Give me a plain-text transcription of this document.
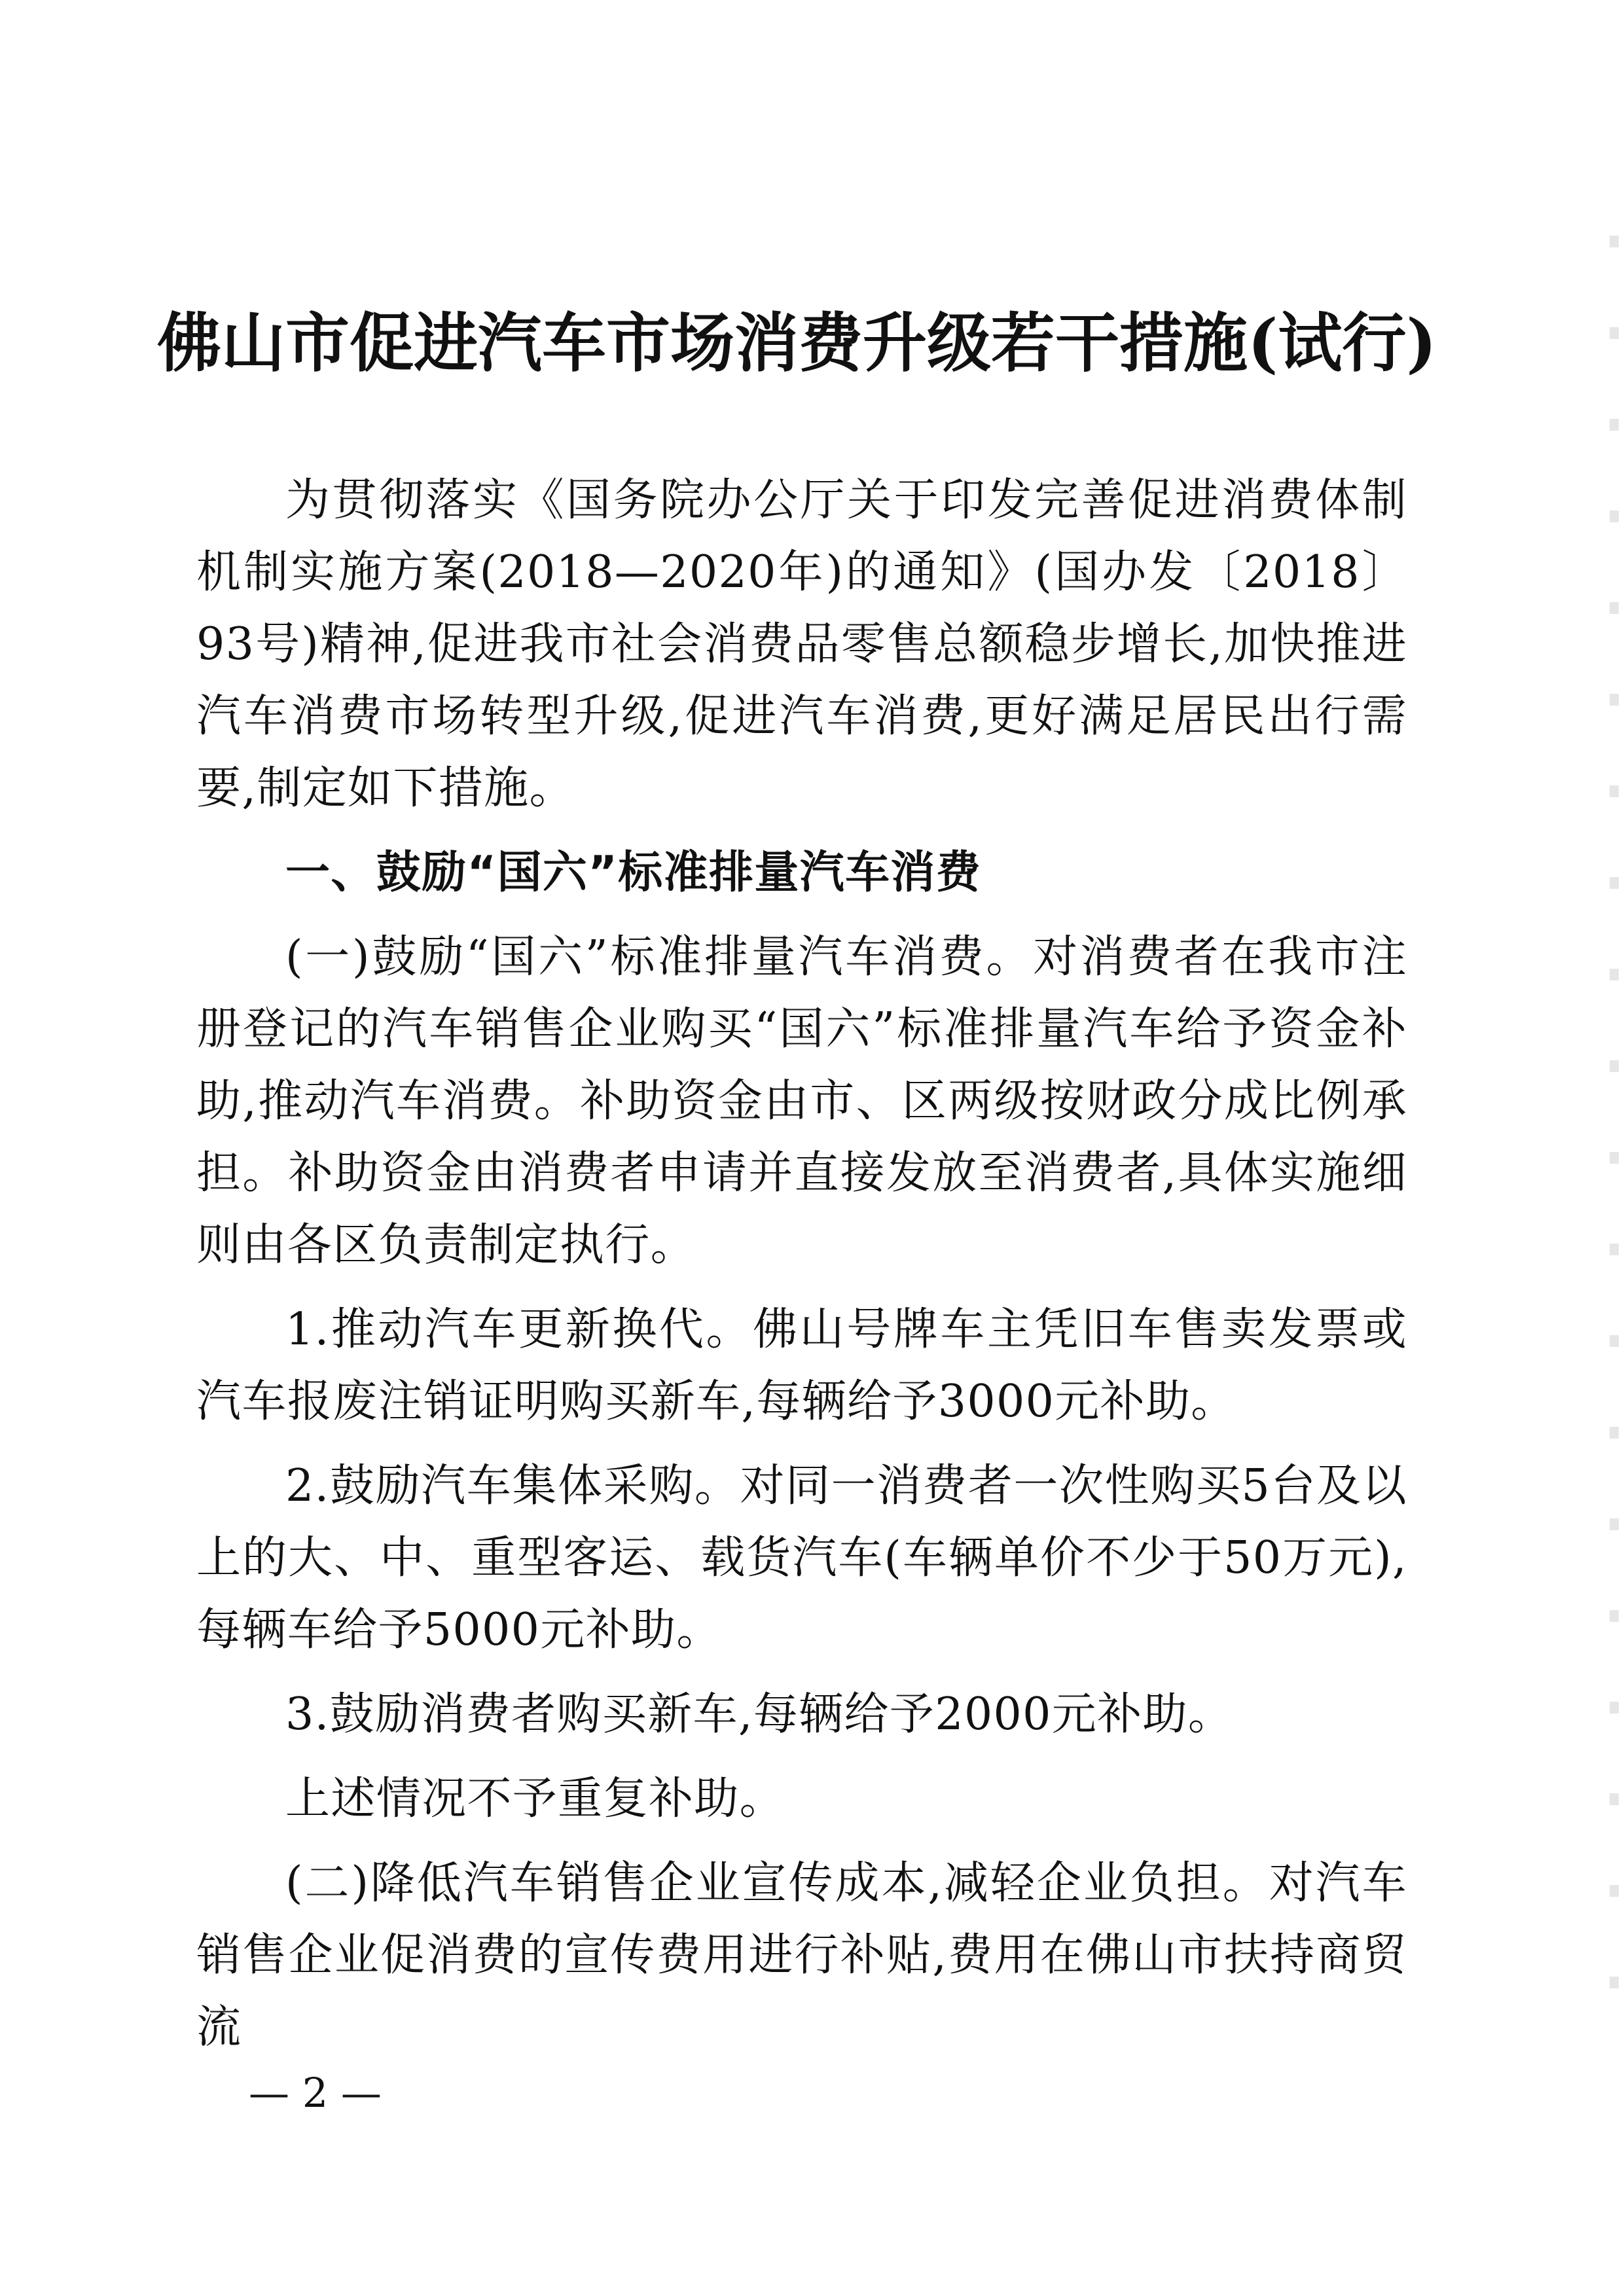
佛山市促进汽车市场消费升级若干措施(试行)

为贯彻落实《国务院办公厅关于印发完善促进消费体制机制实施方案(2018—2020年)的通知》(国办发〔2018〕93号)精神,促进我市社会消费品零售总额稳步增长,加快推进汽车消费市场转型升级,促进汽车消费,更好满足居民出行需要,制定如下措施。

一、鼓励“国六”标准排量汽车消费

(一)鼓励“国六”标准排量汽车消费。对消费者在我市注册登记的汽车销售企业购买“国六”标准排量汽车给予资金补助,推动汽车消费。补助资金由市、区两级按财政分成比例承担。补助资金由消费者申请并直接发放至消费者,具体实施细则由各区负责制定执行。

1.推动汽车更新换代。佛山号牌车主凭旧车售卖发票或汽车报废注销证明购买新车,每辆给予3000元补助。

2.鼓励汽车集体采购。对同一消费者一次性购买5台及以上的大、中、重型客运、载货汽车(车辆单价不少于50万元),每辆车给予5000元补助。

3.鼓励消费者购买新车,每辆给予2000元补助。

上述情况不予重复补助。

(二)降低汽车销售企业宣传成本,减轻企业负担。对汽车销售企业促消费的宣传费用进行补贴,费用在佛山市扶持商贸流

— 2 —
